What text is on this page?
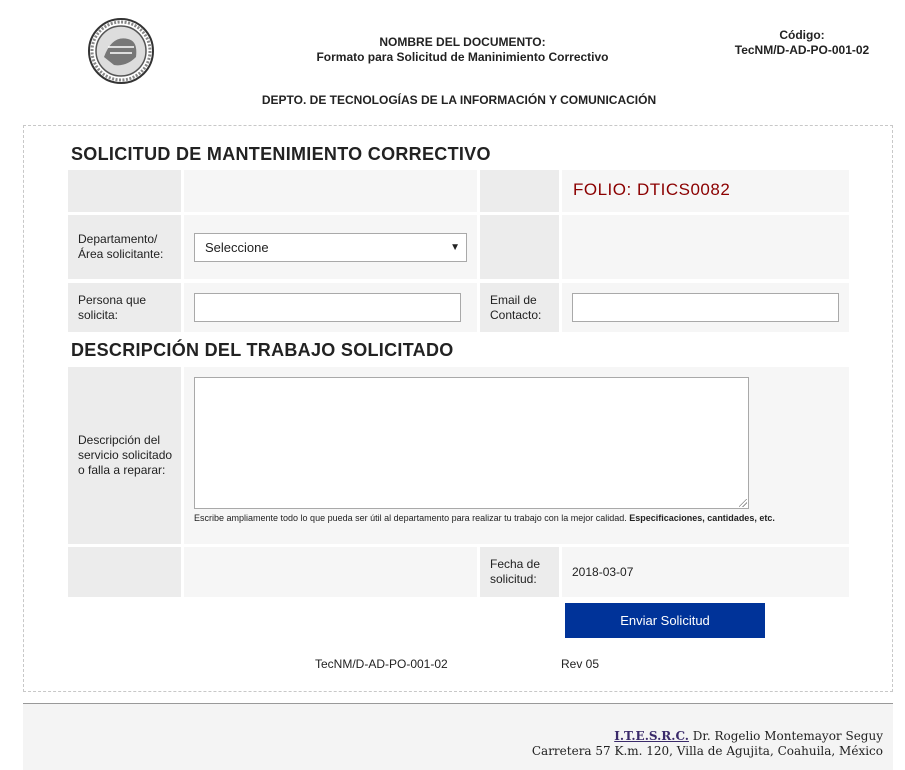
NOMBRE DEL DOCUMENTO:
Formato para Solicitud de Maninimiento Correctivo
Código:
TecNM/D-AD-PO-001-02
DEPTO. DE TECNOLOGÍAS DE LA INFORMACIÓN Y COMUNICACIÓN
SOLICITUD DE MANTENIMIENTO CORRECTIVO
FOLIO: DTICS0082
Departamento/ Área solicitante:	Seleccione	▼
Persona que solicita:
Email de Contacto:
DESCRIPCIÓN DEL TRABAJO SOLICITADO
Descripción del servicio solicitado o falla a reparar:
Escribe ampliamente todo lo que pueda ser útil al departamento para realizar tu trabajo con la mejor calidad. Especificaciones, cantidades, etc.
Fecha de solicitud:
2018-03-07
Enviar Solicitud
TecNM/D-AD-PO-001-02	Rev 05
I.T.E.S.R.C. Dr. Rogelio Montemayor Seguy
Carretera 57 K.m. 120, Villa de Agujita, Coahuila, México
